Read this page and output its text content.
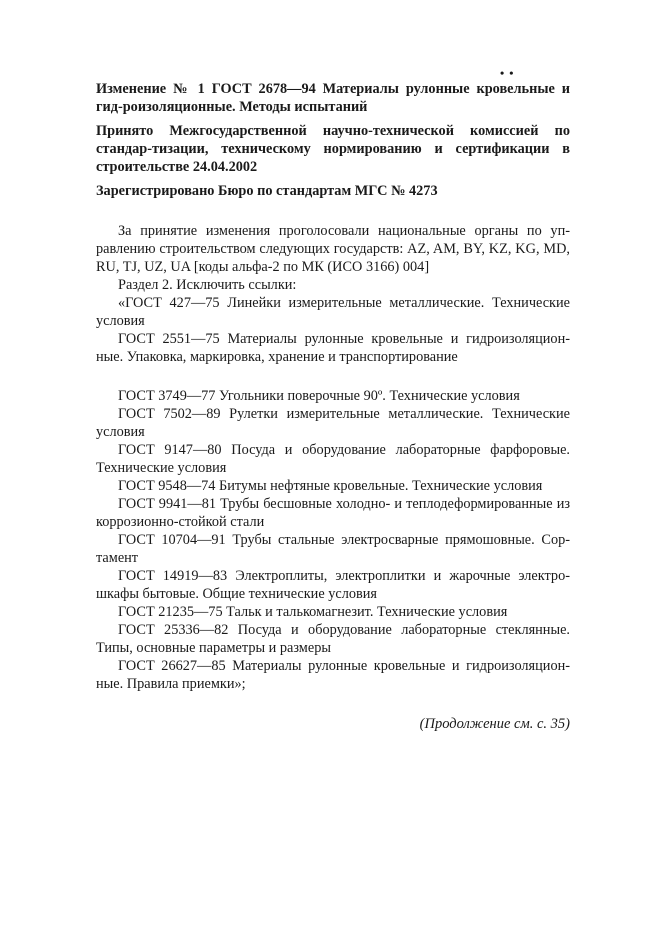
• •

Изменение № 1 ГОСТ 2678—94 Материалы рулонные кровельные и гид-роизоляционные. Методы испытаний

Принято Межгосударственной научно-технической комиссией по стандар-тизации, техническому нормированию и сертификации в строительстве 24.04.2002

Зарегистрировано Бюро по стандартам МГС № 4273

За принятие изменения проголосовали национальные органы по уп-равлению строительством следующих государств: AZ, AM, BY, KZ, KG, MD, RU, TJ, UZ, UA [коды альфа-2 по МК (ИСО 3166) 004]

Раздел 2. Исключить ссылки:

«ГОСТ 427—75 Линейки измерительные металлические. Технические условия

ГОСТ 2551—75 Материалы рулонные кровельные и гидроизоляцион-ные. Упаковка, маркировка, хранение и транспортирование

ГОСТ 3749—77 Угольники поверочные 90º. Технические условия

ГОСТ 7502—89 Рулетки измерительные металлические. Технические условия

ГОСТ 9147—80 Посуда и оборудование лабораторные фарфоровые. Технические условия

ГОСТ 9548—74 Битумы нефтяные кровельные. Технические условия

ГОСТ 9941—81 Трубы бесшовные холодно- и теплодеформированные из коррозионно-стойкой стали

ГОСТ 10704—91 Трубы стальные электросварные прямошовные. Сор-тамент

ГОСТ 14919—83 Электроплиты, электроплитки и жарочные электро-шкафы бытовые. Общие технические условия

ГОСТ 21235—75 Тальк и талькомагнезит. Технические условия

ГОСТ 25336—82 Посуда и оборудование лабораторные стеклянные. Типы, основные параметры и размеры

ГОСТ 26627—85 Материалы рулонные кровельные и гидроизоляцион-ные. Правила приемки»;

(Продолжение см. с. 35)
